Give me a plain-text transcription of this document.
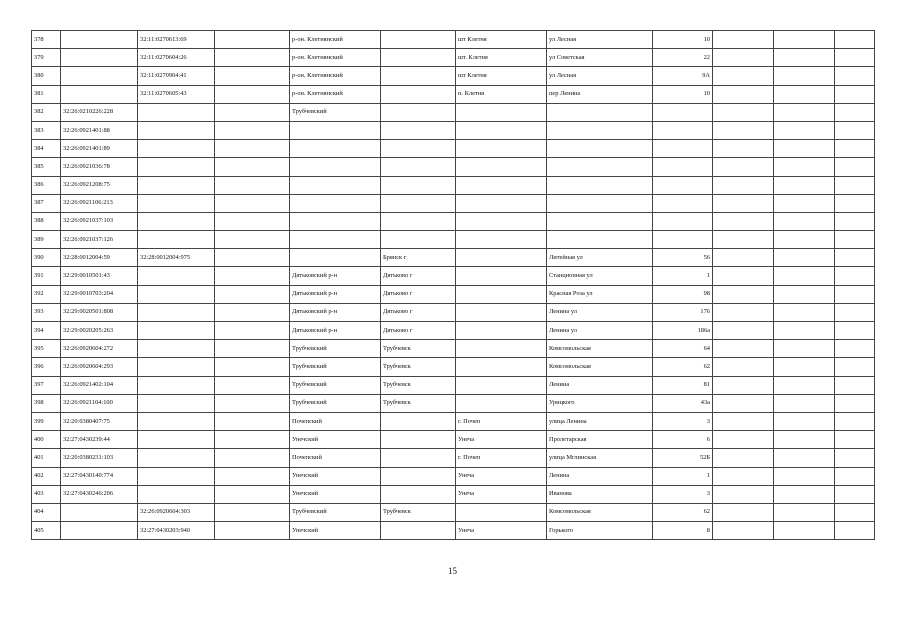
378		32:11:0270613:69		р-он. Клетнянский		шт Клетня	ул Лесная	10			
379		32:11:0270604:26		р-он. Клетнянский		шт. Клетня	ул Советская	22			
380		32:11:0270904:41		р-он. Клетнянский		шт Клетня	ул Лесная	9А			
381		32:11:0270605:43		р-он. Клетнянский		п. Клетня	пер Ленина	10			
382	32:26:0210226:228			Трубчевский							
383	32:26:0921401:88										
384	32:26:0921401:89										
385	32:26:0921036:78										
386	32:26:0921208:75										
387	32:26:0921106:213										
388	32:26:0921037:103										
389	32:26:0921037:126										
390	32:28:0012004:59	32:28:0012004:975			Брянск г		Литейная ул	56			
391	32:29:0010501:43			Дятьковский р-н	Дятьково г		Станционная ул	1			
392	32:29:0010703:204			Дятьковский р-н	Дятьково г		Красная Роза ул	98			
393	32:29:0020501:808			Дятьковский р-н	Дятьково г		Ленина ул	176			
394	32:29:0020205:263			Дятьковский р-н	Дятьково г		Ленина ул	186а			
395	32:26:0920604:272			Трубчевский	Трубчевск		Комсомольская	64			
396	32:26:0920604:293			Трубчевский	Трубчевск		Комсомольская	62			
397	32:26:0921402:104			Трубчевский	Трубчевск		Ленина	81			
398	32:26:0921104:100			Трубчевский	Трубчевск		Урицкого	43а			
399	32:20:0380407:75			Почепский		г. Почеп	улица Ленина	3			
400	32:27:0430239:44			Унечский		Унеча	Пролетарская	6			
401	32:20:0380231:103			Почепский		г. Почеп	улица Мглинская	52Б			
402	32:27:0430140:774			Унечский		Унеча	Ленина	1			
403	32:27:0430246:206			Унечский		Унеча	Иванова	3			
404		32:26:0920604:303		Трубчевский	Трубчевск		Комсомольская	62			
405		32:27:0430203:940		Унечский		Унеча	Горького	8			
15
